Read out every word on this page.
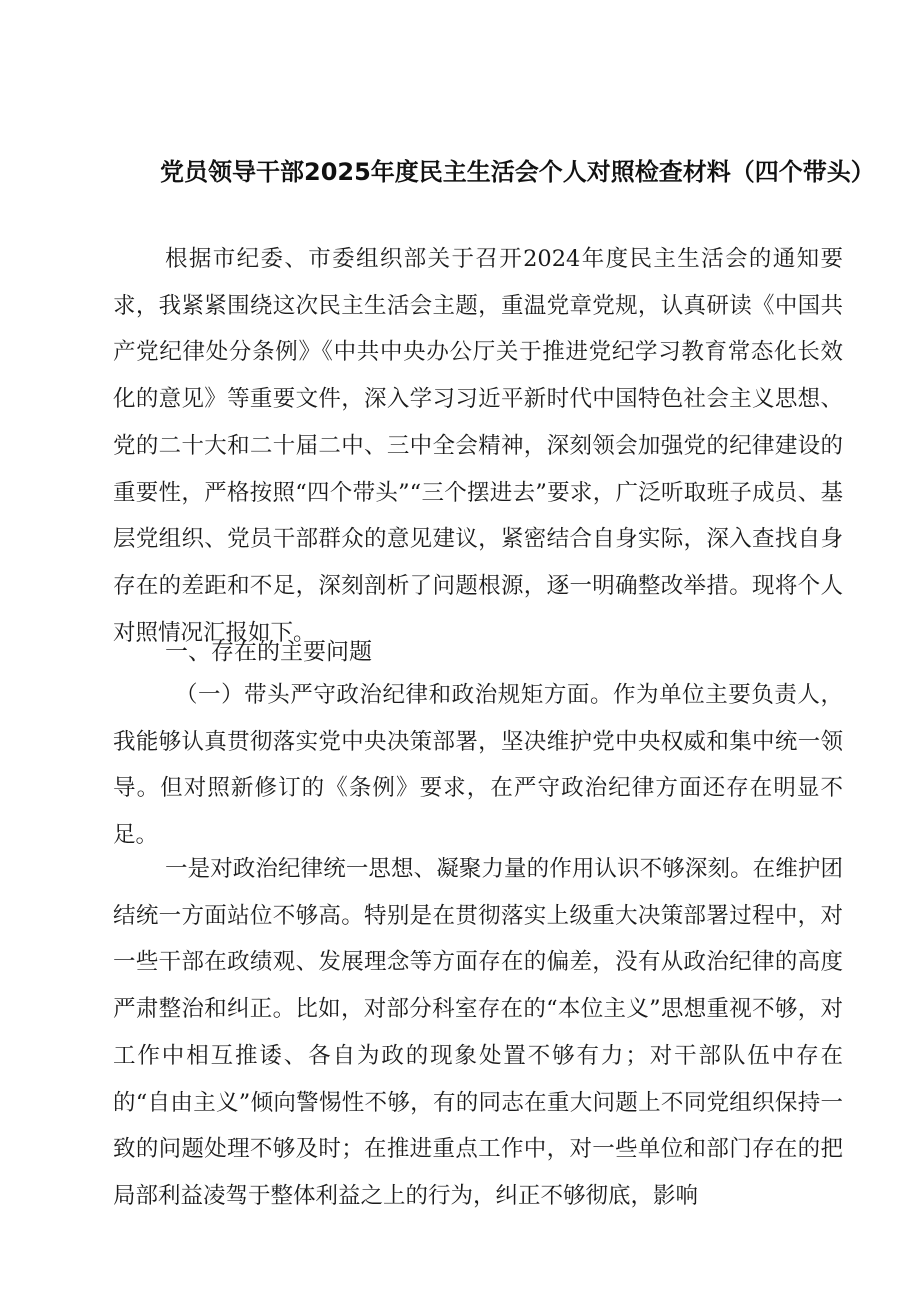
党员领导干部2025年度民主生活会个人对照检查材料（四个带头）

根据市纪委、市委组织部关于召开2024年度民主生活会的通知要求，我紧紧围绕这次民主生活会主题，重温党章党规，认真研读《中国共产党纪律处分条例》《中共中央办公厅关于推进党纪学习教育常态化长效化的意见》等重要文件，深入学习习近平新时代中国特色社会主义思想、党的二十大和二十届二中、三中全会精神，深刻领会加强党的纪律建设的重要性，严格按照“四个带头”“三个摆进去”要求，广泛听取班子成员、基层党组织、党员干部群众的意见建议，紧密结合自身实际，深入查找自身存在的差距和不足，深刻剖析了问题根源，逐一明确整改举措。现将个人对照情况汇报如下。

一、存在的主要问题

（一）带头严守政治纪律和政治规矩方面。作为单位主要负责人，我能够认真贯彻落实党中央决策部署，坚决维护党中央权威和集中统一领导。但对照新修订的《条例》要求，在严守政治纪律方面还存在明显不足。

一是对政治纪律统一思想、凝聚力量的作用认识不够深刻。在维护团结统一方面站位不够高。特别是在贯彻落实上级重大决策部署过程中，对一些干部在政绩观、发展理念等方面存在的偏差，没有从政治纪律的高度严肃整治和纠正。比如，对部分科室存在的“本位主义”思想重视不够，对工作中相互推诿、各自为政的现象处置不够有力；对干部队伍中存在的“自由主义”倾向警惕性不够，有的同志在重大问题上不同党组织保持一致的问题处理不够及时；在推进重点工作中，对一些单位和部门存在的把局部利益凌驾于整体利益之上的行为，纠正不够彻底，影响
